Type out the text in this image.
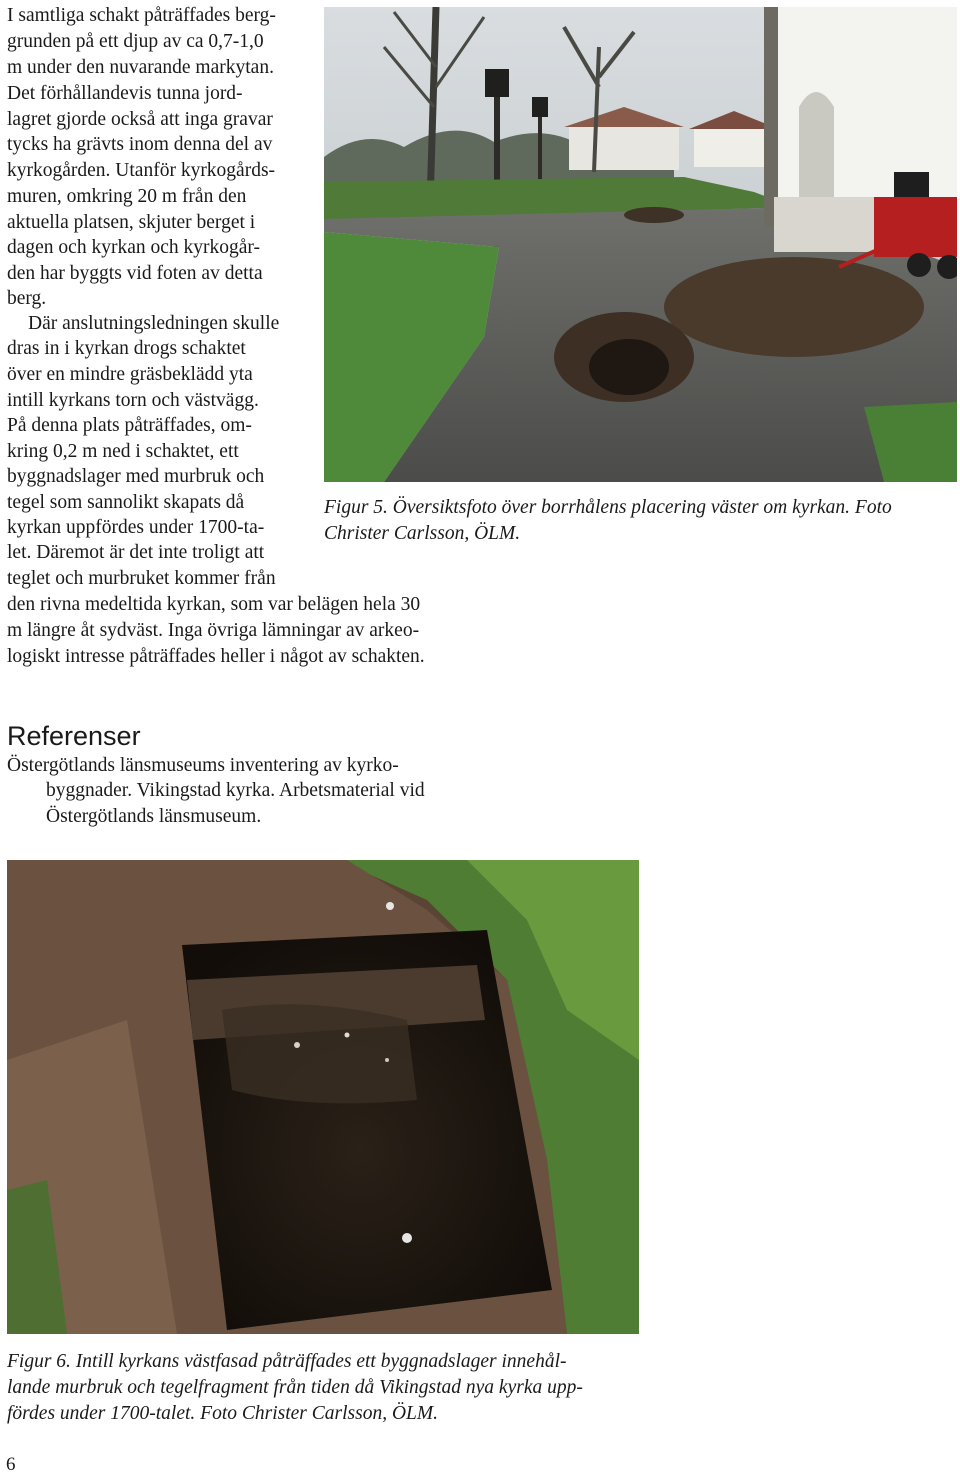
I samtliga schakt påträffades berg-
grunden på ett djup av ca 0,7-1,0
m under den nuvarande markytan.
Det förhållandevis tunna jord-
lagret gjorde också att inga gravar
tycks ha grävts inom denna del av
kyrkogården. Utanför kyrkogårds-
muren, omkring 20 m från den
aktuella platsen, skjuter berget i
dagen och kyrkan och kyrkogår-
den har byggts vid foten av detta
berg.
Där anslutningsledningen skulle
dras in i kyrkan drogs schaktet
över en mindre gräsbeklädd yta
intill kyrkans torn och västvägg.
På denna plats påträffades, om-
kring 0,2 m ned i schaktet, ett
byggnadslager med murbruk och
tegel som sannolikt skapats då
kyrkan uppfördes under 1700-ta-
let. Däremot är det inte troligt att
teglet och murbruket kommer från
den rivna medeltida kyrkan, som var belägen hela 30
m längre åt sydväst. Inga övriga lämningar av arkeo-
logiskt intresse påträffades heller i något av schakten.
Figur 5. Översiktsfoto över borrhålens placering väster om kyrkan. Foto
Christer Carlsson, ÖLM.
Referenser
Östergötlands länsmuseums inventering av kyrko-
byggnader. Vikingstad kyrka. Arbetsmaterial vid
Östergötlands länsmuseum.
Figur 6. Intill kyrkans västfasad påträffades ett byggnadslager innehål-
lande murbruk och tegelfragment från tiden då Vikingstad nya kyrka upp-
fördes under 1700-talet. Foto Christer Carlsson, ÖLM.
6
